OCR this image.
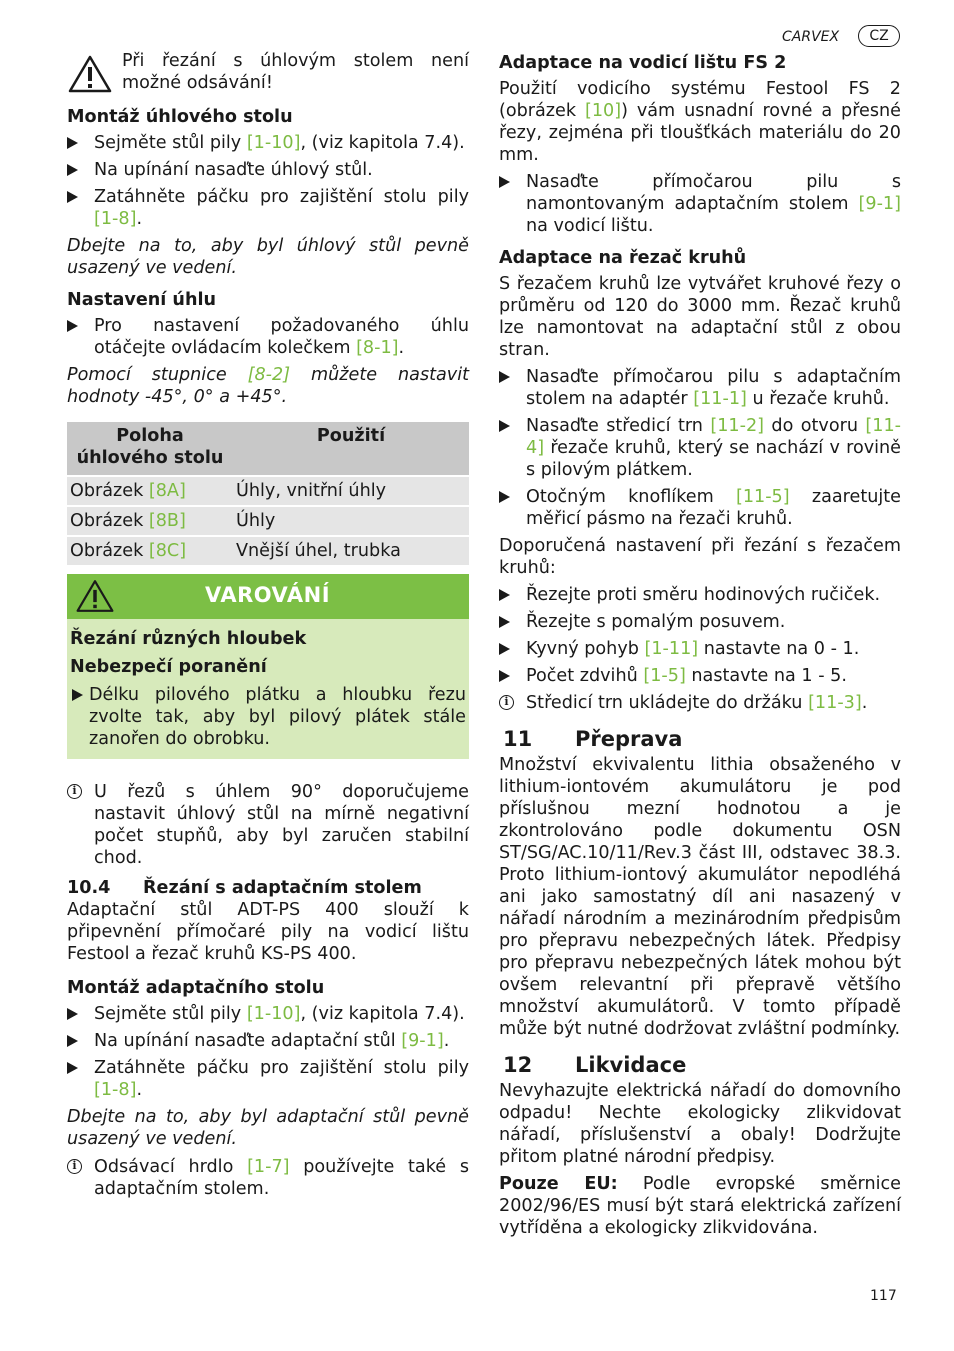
CARVEX	CZ

Při řezání s úhlovým stolem není možné odsávání!

Montáž úhlového stolu
Sejměte stůl pily [1-10], (viz kapitola 7.4).
Na upínání nasaďte úhlový stůl.
Zatáhněte páčku pro zajištění stolu pily [1-8].

Dbejte na to, aby byl úhlový stůl pevně usazený ve vedení.

Nastavení úhlu
Pro nastavení požadovaného úhlu otáčejte ovládacím kolečkem [8-1].

Pomocí stupnice [8-2] můžete nastavit hodnoty -45°, 0° a +45°.

Poloha úhlového stolu	Použití
Obrázek [8A]	Úhly, vnitřní úhly
Obrázek [8B]	Úhly
Obrázek [8C]	Vnější úhel, trubka
VAROVÁNÍ
Řezání různých hloubek
Nebezpečí poranění
Délku pilového plátku a hloubku řezu zvolte tak, aby byl pilový plátek stále zanořen do obrobku.
i U řezů s úhlem 90° doporučujeme nastavit úhlový stůl na mírně negativní počet stupňů, aby byl zaručen stabilní chod.
10.4	Řezání s adaptačním stolem

Adaptační stůl ADT-PS 400 slouží k připevnění přímočaré pily na vodicí lištu Festool a řezač kruhů KS-PS 400.

Montáž adaptačního stolu
Sejměte stůl pily [1-10], (viz kapitola 7.4).
Na upínání nasaďte adaptační stůl [9-1].
Zatáhněte páčku pro zajištění stolu pily [1-8].

Dbejte na to, aby byl adaptační stůl pevně usazený ve vedení.

i Odsávací hrdlo [1-7] používejte také s adaptačním stolem.
Adaptace na vodicí lištu FS 2

Použití vodicího systému Festool FS 2 (obrázek [10]) vám usnadní rovné a přesné řezy, zejména při tloušťkách materiálu do 20 mm.

Nasaďte přímočarou pilu s namontovaným adaptačním stolem [9-1] na vodicí lištu.
Adaptace na řezač kruhů

S řezačem kruhů lze vytvářet kruhové řezy o průměru od 120 do 3000 mm. Řezač kruhů lze namontovat na adaptační stůl z obou stran.

Nasaďte přímočarou pilu s adaptačním stolem na adaptér [11-1] u řezače kruhů.
Nasaďte středicí trn [11-2] do otvoru [11-4] řezače kruhů, který se nachází v rovině s pilovým plátkem.
Otočným knoflíkem [11-5] zaaretujte měřicí pásmo na řezači kruhů.

Doporučená nastavení při řezání s řezačem kruhů:

Řezejte proti směru hodinových ručiček.
Řezejte s pomalým posuvem.
Kyvný pohyb [1-11] nastavte na 0 - 1.
Počet zdvihů [1-5] nastavte na 1 - 5.
i Středicí trn ukládejte do držáku [11-3].
11	Přeprava

Množství ekvivalentu lithia obsaženého v lithium-iontovém akumulátoru je pod příslušnou mezní hodnotou a je zkontrolováno podle dokumentu OSN ST/SG/AC.10/11/Rev.3 část III, odstavec 38.3. Proto lithium-iontový akumulátor nepodléhá ani jako samostatný díl ani nasazený v nářadí národním a mezinárodním předpisům pro přepravu nebezpečných látek. Předpisy pro přepravu nebezpečných látek mohou být ovšem relevantní při přepravě většího množství akumulátorů. V tomto případě může být nutné dodržovat zvláštní podmínky.

12	Likvidace

Nevyhazujte elektrická nářadí do domovního odpadu! Nechte ekologicky zlikvidovat nářadí, příslušenství a obaly! Dodržujte přitom platné národní předpisy.

Pouze EU: Podle evropské směrnice 2002/96/ES musí být stará elektrická zařízení vytříděna a ekologicky zlikvidována.

117
